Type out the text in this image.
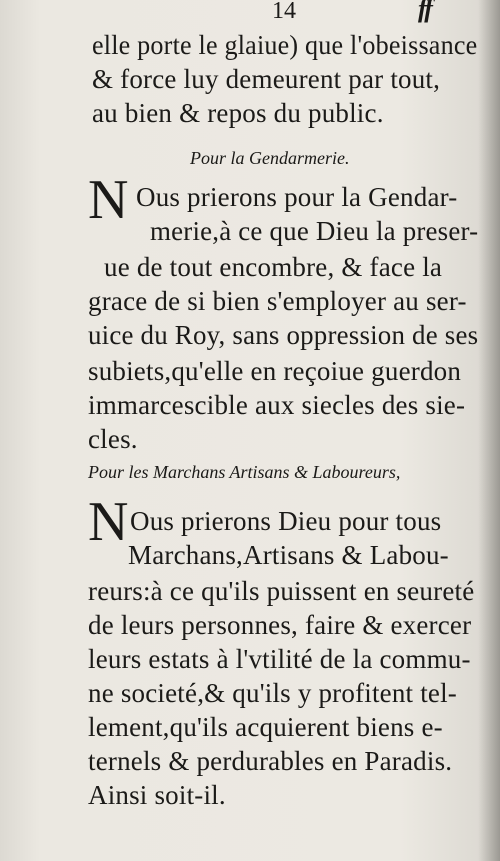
14	ff
elle porte le glaiue) que l'obeissance
& force luy demeurent par tout,
au bien & repos du public.
Pour la Gendarmerie.
N Ous prierons pour la Gendar-
merie,à ce que Dieu la preser-
ue de tout encombre, & face la
grace de si bien s'employer au ser-
uice du Roy, sans oppression de ses
subiets,qu'elle en reçoiue guerdon
immarcescible aux siecles des sie-
cles.
Pour les Marchans Artisans & Laboureurs,
N Ous prierons Dieu pour tous
Marchans,Artisans & Labou-
reurs:à ce qu'ils puissent en seureté
de leurs personnes, faire & exercer
leurs estats à l'vtilité de la commu-
ne societé,& qu'ils y profitent tel-
lement,qu'ils acquierent biens e-
ternels & perdurables en Paradis.
Ainsi soit-il.
